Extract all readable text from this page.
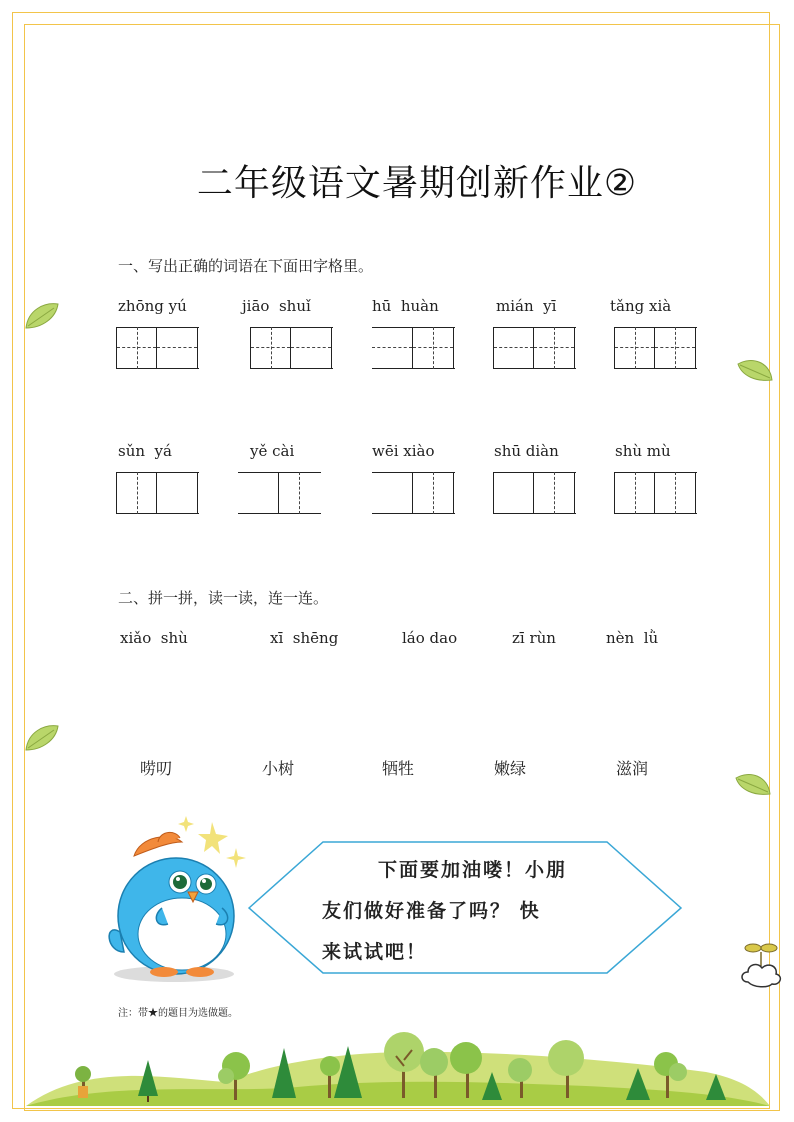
二年级语文暑期创新作业②
一、写出正确的词语在下面田字格里。
zhōng yú	jiāo  shuǐ	hū  huàn	mián  yī	tǎng xià
sǔn  yá	yě cài	wēi xiào	shū diàn	shù mù
二、拼一拼，读一读，连一连。
xiǎo  shù	xī  shēng	láo dao	zī rùn	nèn  lǜ
唠叨	小树	牺牲	嫩绿	滋润
下面要加油喽！小朋
友们做好准备了吗？ 快
来试试吧！
注：带★的题目为选做题。
